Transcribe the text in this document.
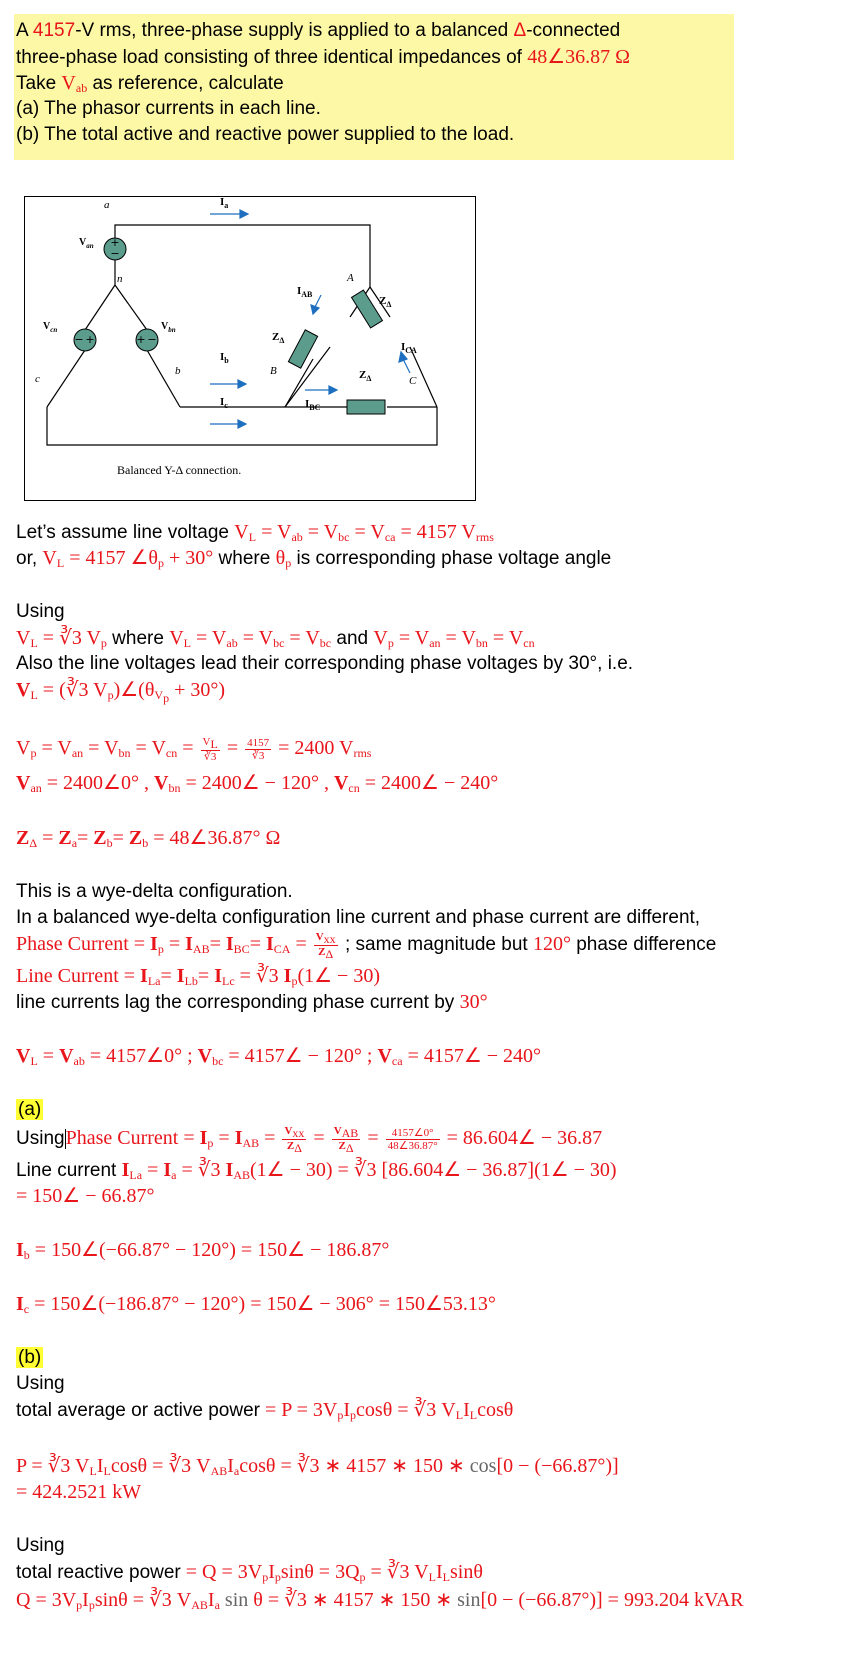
A 4157-V rms, three-phase supply is applied to a balanced Δ-connected
three-phase load consisting of three identical impedances of 48∠36.87 Ω
Take $V_{ab}$ as reference, calculate
(a) The phasor currents in each line.
(b) The total active and reactive power supplied to the load.
+
−
− +	+ −
a
n
b
c
A
B
C
$I_a$
$I_b$
$I_c$
$I_{AB}$
$I_{BC}$
$I_{CA}$
$V_{an}$
$V_{cn}$	$V_{bn}$
$Z_\Delta$
$Z_\Delta$
$Z_\Delta$
Balanced Y-Δ connection.
Let’s assume line voltage $V_L = V_{ab} = V_{bc} = V_{ca} = 4157$ $V_{rms}$
or, $V_L = 4157$ $\angle\theta_p + 30^\circ$ where $\theta_p$ is corresponding phase voltage angle
Using
$V_L$ = ∛3 $V_p$ where $V_L = V_{ab} = V_{bc} = V_{bc}$ and $V_p = V_{an} = V_{bn} = V_{cn}$
Also the line voltages lead their corresponding phase voltages by 30°, i.e.
$V_L$ = (∛3 $V_p)\angle(\theta_{V_p} + 30^\circ)$
$V_p = V_{an} = V_{bn} = V_{cn} = \frac{V_L}{∛3} = \frac{4157}{∛3} = 2400$ $V_{rms}$
$V_{an}$ = 2400∠0° , $V_{bn}$ = 2400∠ − 120° , $V_{cn}$ = 2400∠ − 240°
$Z_\Delta = Z_a= Z_b= Z_b$ = 48∠36.87° Ω
This is a wye-delta configuration.
In a balanced wye-delta configuration line current and phase current are different,
Phase Current = $I_p = I_{AB}= I_{BC}= I_{CA} = \frac{V_{xx}}{Z_\Delta}$ ; same magnitude but 120° phase difference
Line Current = $I_{La}= I_{Lb}= I_{Lc}$ = ∛3 $I_p(1\angle - 30)$
line currents lag the corresponding phase current by 30°
$V_L = V_{ab}$ = 4157∠0° ; $V_{bc}$ = 4157∠ − 120° ; $V_{ca}$ = 4157∠ − 240°
(a)
UsingPhase Current = $I_p = I_{AB} = \frac{V_{xx}}{Z_\Delta} = \frac{V_{AB}}{Z_\Delta} = \frac{4157\angle 0^\circ}{48\angle 36.87^\circ}$ = 86.604∠ − 36.87
Line current $I_{La} = I_a$ = ∛3 $I_{AB}(1\angle - 30)$ = ∛3 [86.604∠ − 36.87](1∠ − 30)
= 150∠ − 66.87°
$I_b$ = 150∠(−66.87° − 120°) = 150∠ − 186.87°
$I_c$ = 150∠(−186.87° − 120°) = 150∠ − 306° = 150∠53.13°
(b)
Using
total average or active power = $P = 3V_pI_p\cos\theta$ = ∛3 $V_LI_L\cos\theta$
P = ∛3 $V_LI_L\cos\theta$ = ∛3 $V_{AB}I_a\cos\theta$ = ∛3 ∗ 4157 ∗ 150 ∗ cos[0 − (−66.87°)]
= 424.2521 kW
Using
total reactive power = $Q = 3V_pI_p\sin\theta = 3Q_p$ = ∛3 $V_LI_L\sin\theta$
$Q = 3V_pI_p\sin\theta$ = ∛3 $V_{AB}I_a$ sin θ = ∛3 ∗ 4157 ∗ 150 ∗ sin[0 − (−66.87°)] = 993.204 kVAR
